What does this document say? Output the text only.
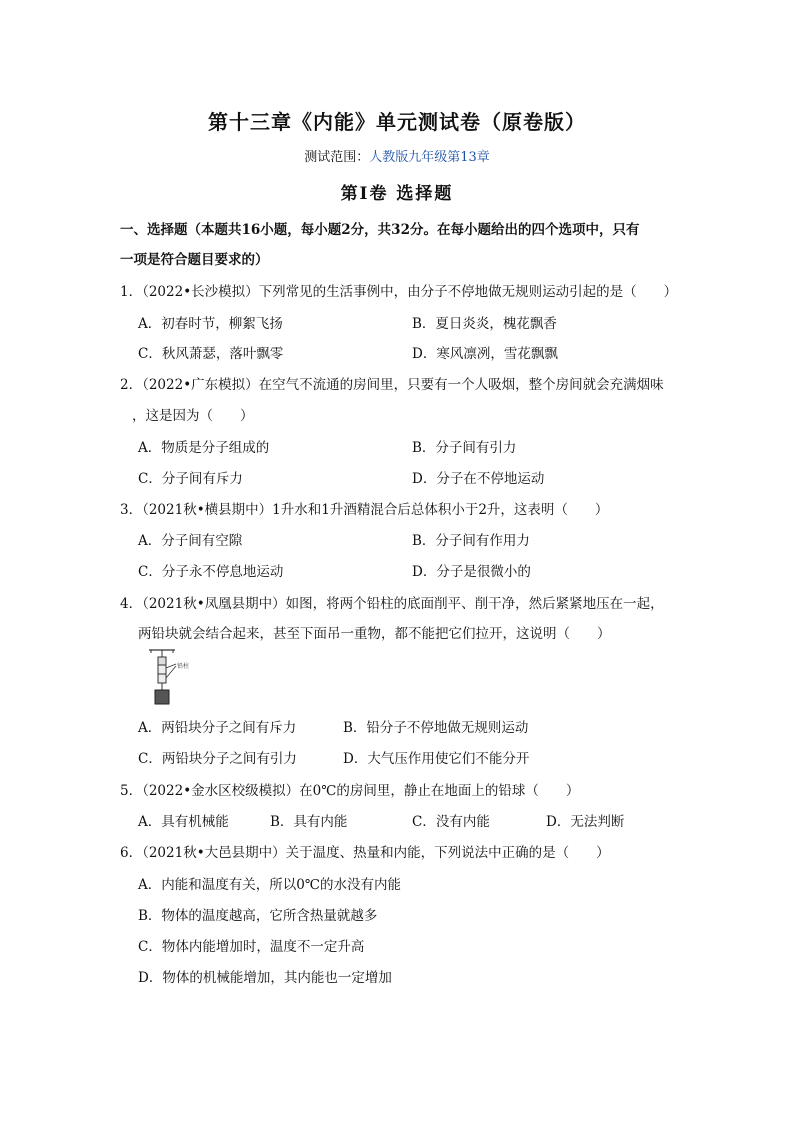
第十三章《内能》单元测试卷（原卷版）
测试范围：人教版九年级第13章
第Ⅰ卷 选择题
一、选择题（本题共16小题，每小题2分，共32分。在每小题给出的四个选项中，只有
一项是符合题目要求的）
1．（2022•长沙模拟）下列常见的生活事例中，由分子不停地做无规则运动引起的是（　　）
A．初春时节，柳絮飞扬	B．夏日炎炎，槐花飘香
C．秋风萧瑟，落叶飘零	D．寒风凛冽，雪花飘飘
2．（2022•广东模拟）在空气不流通的房间里，只要有一个人吸烟，整个房间就会充满烟味
，这是因为（　　）
A．物质是分子组成的	B．分子间有引力
C．分子间有斥力	D．分子在不停地运动
3．（2021秋•横县期中）1升水和1升酒精混合后总体积小于2升，这表明（　　）
A．分子间有空隙	B．分子间有作用力
C．分子永不停息地运动	D．分子是很微小的
4．（2021秋•凤凰县期中）如图，将两个铅柱的底面削平、削干净，然后紧紧地压在一起，
两铅块就会结合起来，甚至下面吊一重物，都不能把它们拉开，这说明（　　）
铅柱
A．两铅块分子之间有斥力	B．铅分子不停地做无规则运动
C．两铅块分子之间有引力	D．大气压作用使它们不能分开
5．（2022•金水区校级模拟）在0℃的房间里，静止在地面上的铅球（　　）
A．具有机械能	B．具有内能	C．没有内能	D．无法判断
6．（2021秋•大邑县期中）关于温度、热量和内能，下列说法中正确的是（　　）
A．内能和温度有关，所以0℃的水没有内能
B．物体的温度越高，它所含热量就越多
C．物体内能增加时，温度不一定升高
D．物体的机械能增加，其内能也一定增加
